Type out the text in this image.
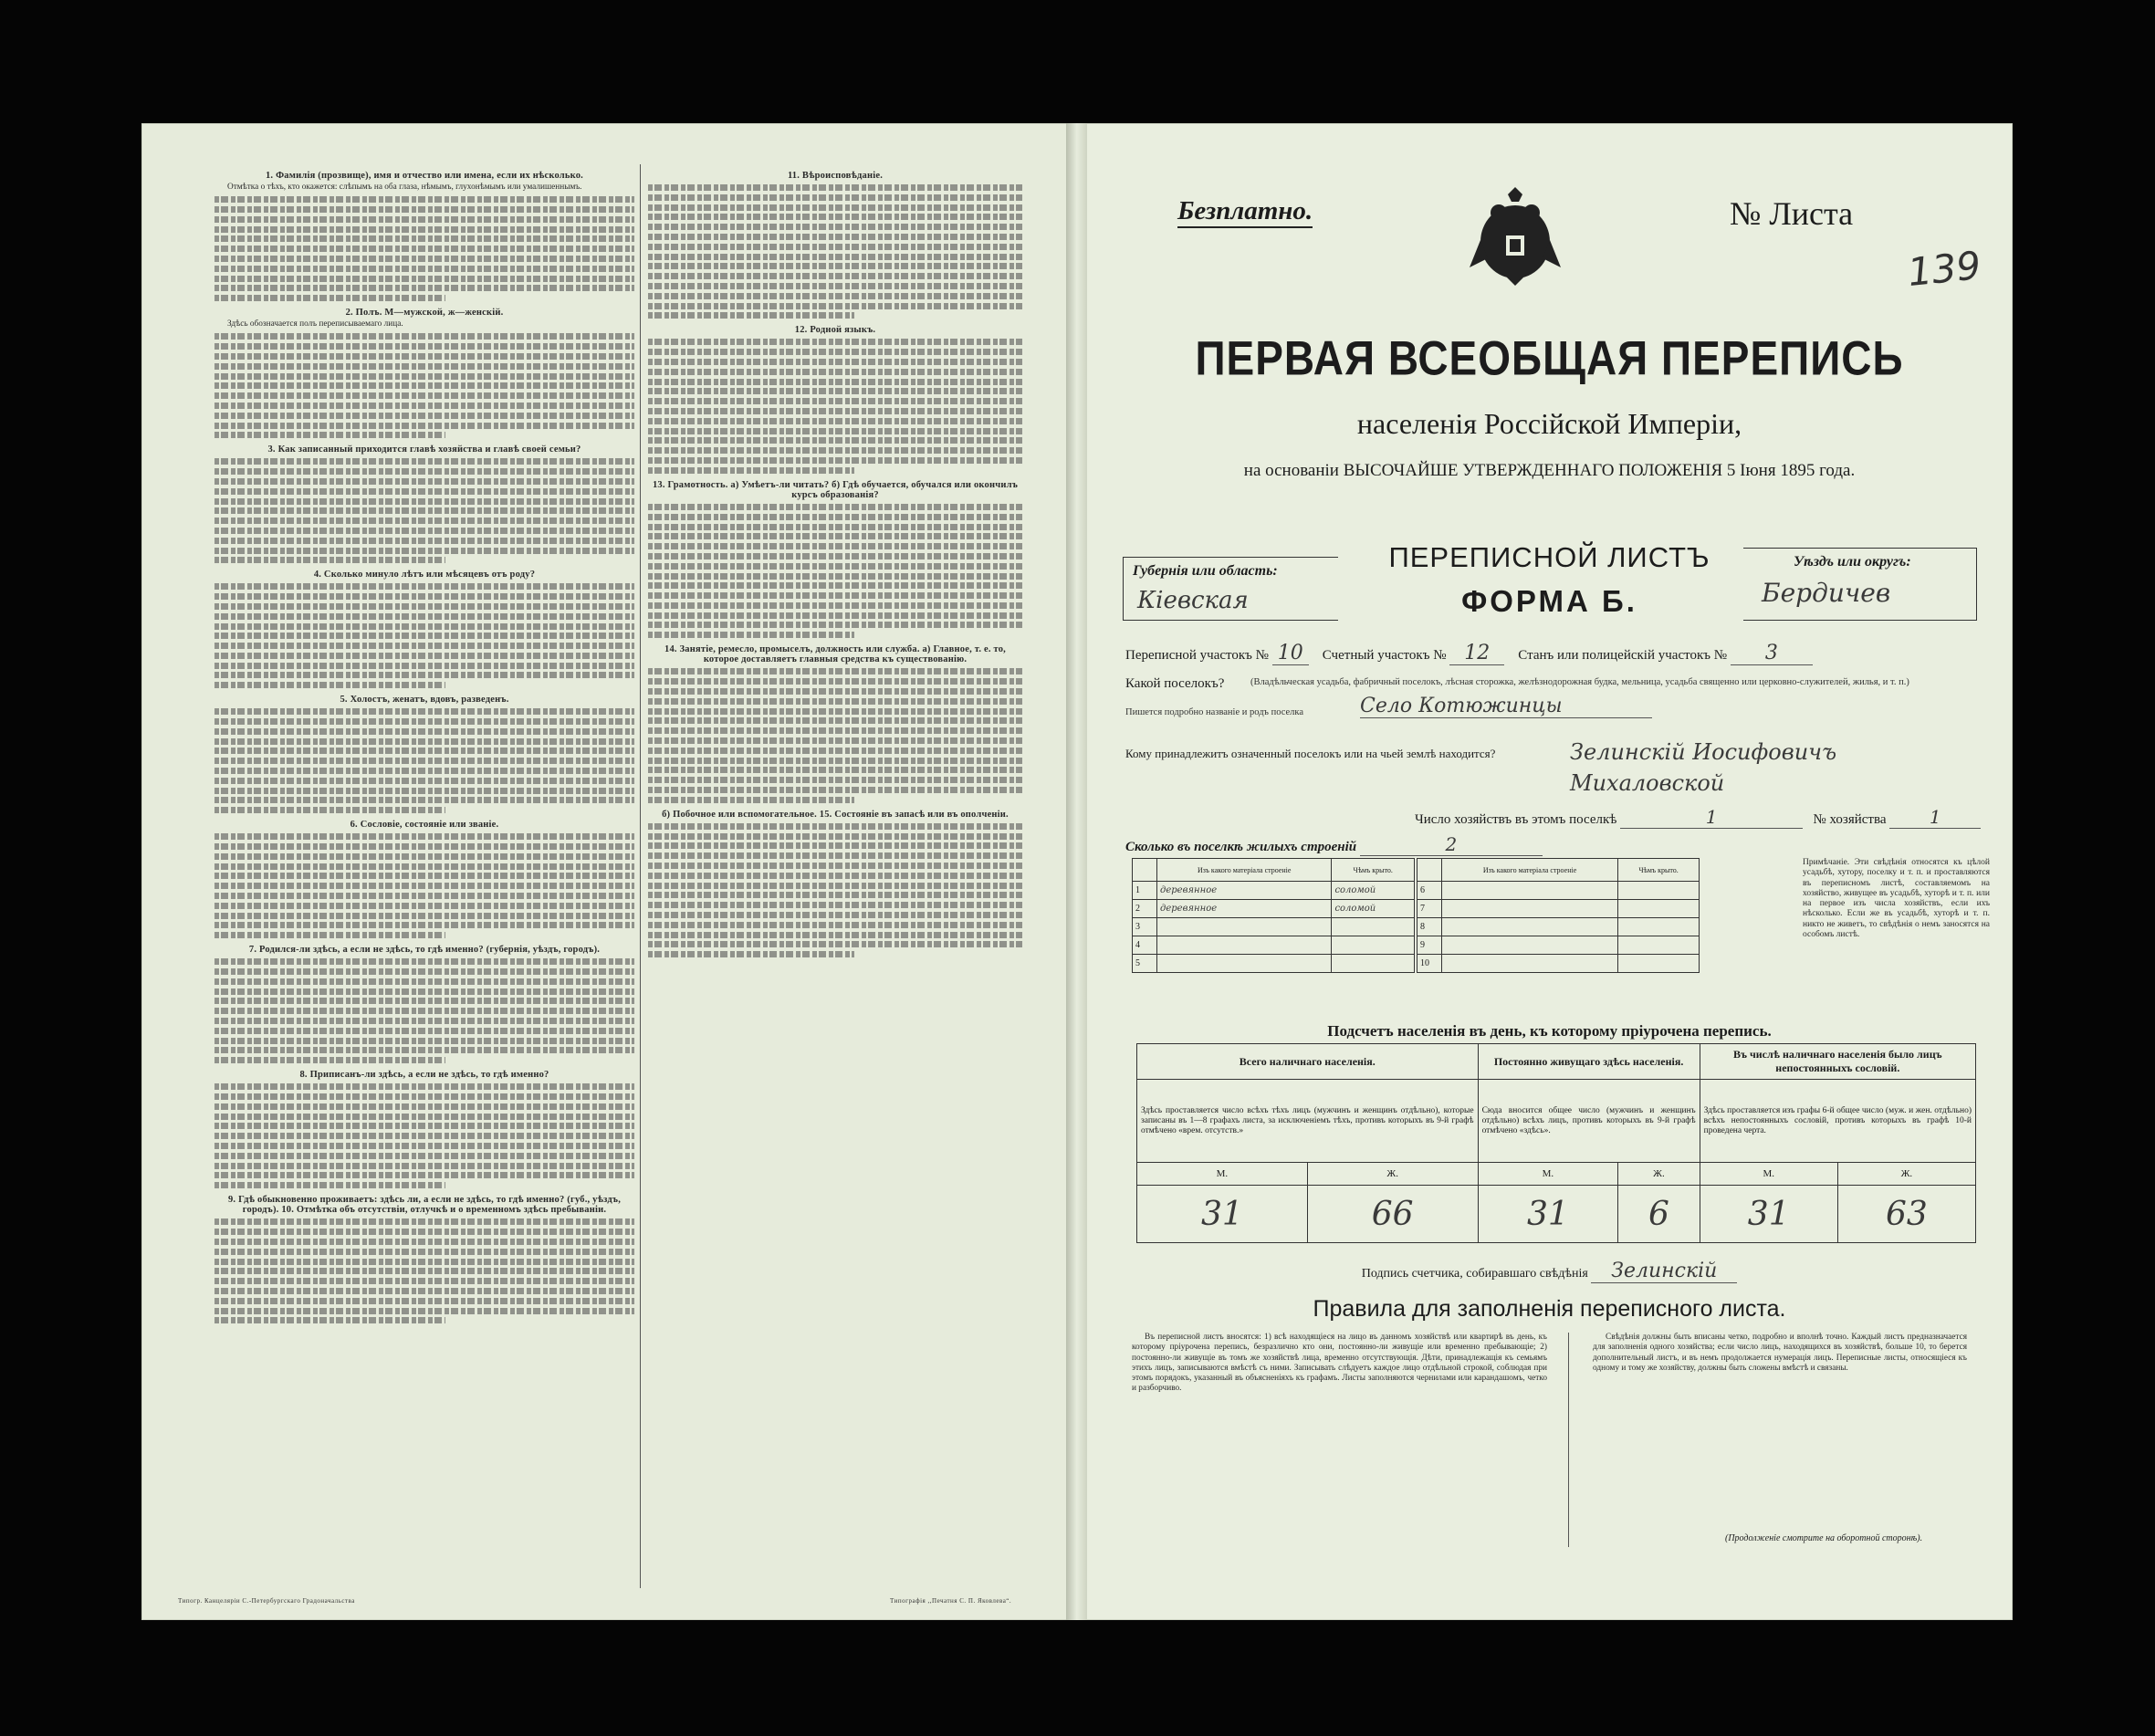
1. Фамилія (прозвище), имя и отчество или имена, если их нѣсколько.

Отмѣтка о тѣхъ, кто окажется: слѣпымъ на оба глаза, нѣмымъ, глухонѣмымъ или умалишеннымъ.

2. Полъ. М—мужской, ж—женскій.

Здѣсь обозначается полъ переписываемаго лица.

3. Как записанный приходится главѣ хозяйства и главѣ своей семьи?
4. Сколько минуло лѣтъ или мѣсяцевъ отъ роду?
5. Холостъ, женатъ, вдовъ, разведенъ.
6. Сословіе, состояніе или званіе.
7. Родился-ли здѣсь, а если не здѣсь, то гдѣ именно? (губернія, уѣздъ, городъ).
8. Приписанъ-ли здѣсь, а если не здѣсь, то гдѣ именно?
9. Гдѣ обыкновенно проживаетъ: здѣсь ли, а если не здѣсь, то гдѣ именно? (губ., уѣздъ, городъ). 10. Отмѣтка объ отсутствіи, отлучкѣ и о временномъ здѣсь пребываніи.
11. Вѣроисповѣданіе.
12. Родной языкъ.
13. Грамотность. а) Умѣетъ-ли читать? б) Гдѣ обучается, обучался или окончилъ курсъ образованія?
14. Занятіе, ремесло, промыселъ, должность или служба. а) Главное, т. е. то, которое доставляетъ главныя средства къ существованію.
б) Побочное или вспомогательное. 15. Состояніе въ запасѣ или въ ополченіи.
Типогр. Канцеляріи С.-Петербургскаго Градоначальства	Типографія ,,Печатня С. П. Яковлева“.
Безплатно.	№ Листа
139
ПЕРВАЯ ВСЕОБЩАЯ ПЕРЕПИСЬ
населенія Россійской Имперіи,
на основаніи ВЫСОЧАЙШЕ УТВЕРЖДЕННАГО ПОЛОЖЕНІЯ 5 Іюня 1895 года.
Губернія или область:
Кіевская
ПЕРЕПИСНОЙ ЛИСТЪ
ФОРМА Б.
Уѣздъ или округъ:
Бердичев
Переписной участокъ № 10 Счетный участокъ № 12 Станъ или полицейскій участокъ № 3
Какой поселокъ?	(Владѣльческая усадьба, фабричный поселокъ, лѣсная сторожка, желѣзнодорожная будка, мельница, усадьба священно или церковно-служителей, жилья, и т. п.)
Пишется подробно названіе и родъ поселка	Село Котюжинцы
Кому принадлежитъ означенный поселокъ или на чьей землѣ находится?	Зелинскій Иосифовичъ Михаловской
Число хозяйствъ въ этомъ поселкѣ	1	№ хозяйства 1
Сколько въ поселкѣ жилыхъ строеній	2
	Изъ какого матеріала строеніе	Чѣмъ крыто.
1	деревянное	соломой
2	деревянное	соломой
3		
4		
5		
	Изъ какого матеріала строеніе	Чѣмъ крыто.
6		
7		
8		
9		
10		
Примѣчаніе. Эти свѣдѣнія относятся къ цѣлой усадьбѣ, хутору, поселку и т. п. и проставляются въ переписномъ листѣ, составляемомъ на хозяйство, живущее въ усадьбѣ, хуторѣ и т. п. или на первое изъ числа хозяйствъ, если ихъ нѣсколько. Если же въ усадьбѣ, хуторѣ и т. п. никто не живетъ, то свѣдѣнія о немъ заносятся на особомъ листѣ.
Подсчетъ населенія въ день, къ которому пріурочена перепись.
Всего наличнаго населенія.		Постоянно живущаго здѣсь населенія.		Въ числѣ наличнаго населенія было лицъ непостоянныхъ сословій.	
Здѣсь проставляется число всѣхъ тѣхъ лицъ (мужчинъ и женщинъ отдѣльно), которые записаны въ 1—8 графахъ листа, за исключеніемъ тѣхъ, противъ которыхъ въ 9-й графѣ отмѣчено «врем. отсутств.»		Сюда вносится общее число (мужчинъ и женщинъ отдѣльно) всѣхъ лицъ, противъ которыхъ въ 9-й графѣ отмѣчено «здѣсь».		Здѣсь проставляется изъ графы 6-й общее число (муж. и жен. отдѣльно) всѣхъ непостоянныхъ сословій, противъ которыхъ въ графѣ 10-й проведена черта.	
М.	Ж.	М.	Ж.	М.	Ж.
31	66	31	6	31	63
Подпись счетчика, собиравшаго свѣдѣнія Зелинскій
Правила для заполненія переписного листа.

Въ переписной листъ вносятся: 1) всѣ находящіеся на лицо въ данномъ хозяйствѣ или квартирѣ въ день, къ которому пріурочена перепись, безразлично кто они, постоянно-ли живущіе или временно пребывающіе; 2) постоянно-ли живущіе въ томъ же хозяйствѣ лица, временно отсутствующія. Дѣти, принадлежащія къ семьямъ этихъ лицъ, записываются вмѣстѣ съ ними. Записывать слѣдуетъ каждое лицо отдѣльной строкой, соблюдая при этомъ порядокъ, указанный въ объясненіяхъ къ графамъ. Листы заполняются чернилами или карандашомъ, четко и разборчиво.

Свѣдѣнія должны быть вписаны четко, подробно и вполнѣ точно. Каждый листъ предназначается для заполненія одного хозяйства; если число лицъ, находящихся въ хозяйствѣ, больше 10, то берется дополнительный листъ, и въ немъ продолжается нумерація лицъ. Переписные листы, относящіеся къ одному и тому же хозяйству, должны быть сложены вмѣстѣ и связаны.

(Продолженіе смотрите на оборотной сторонѣ).
